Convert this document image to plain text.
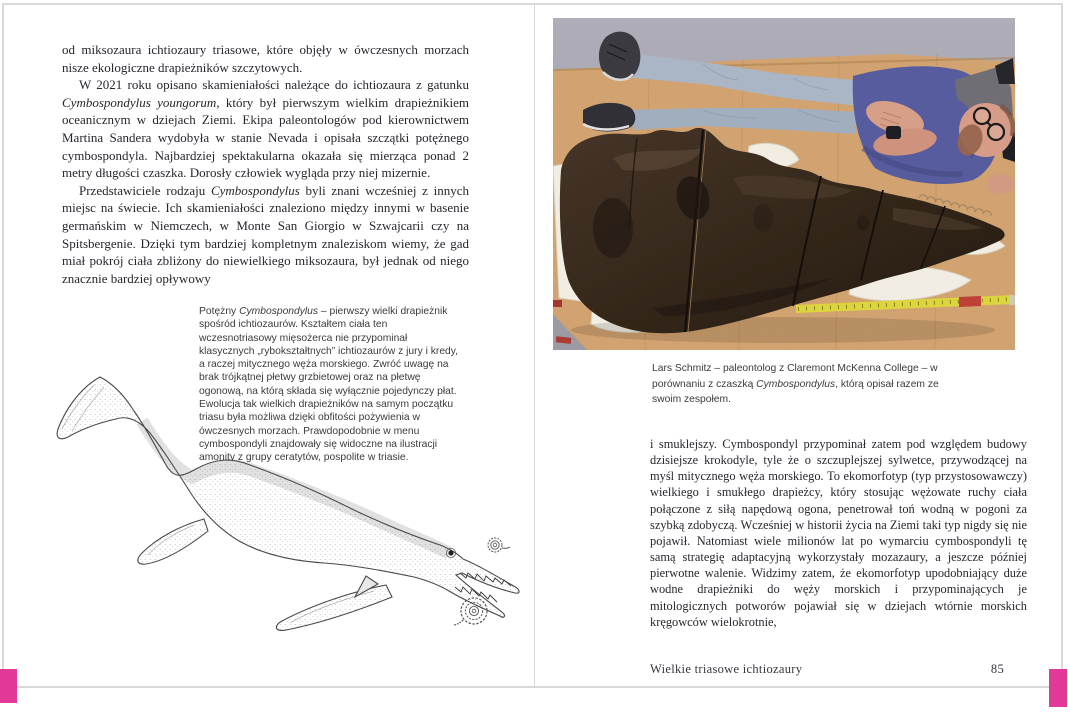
od miksozaura ichtiozaury triasowe, które objęły w ówczesnych morzach nisze ekologiczne drapieżników szczytowych.

W 2021 roku opisano skamieniałości należące do ichtiozaura z gatunku Cymbospondylus youngorum, który był pierwszym wielkim drapieżnikiem oceanicznym w dziejach Ziemi. Ekipa paleontologów pod kierownictwem Martina Sandera wydobyła w stanie Nevada i opisała szczątki potężnego cymbospondyla. Najbardziej spektakularna okazała się mierząca ponad 2 metry długości czaszka. Dorosły człowiek wygląda przy niej mizernie.

Przedstawiciele rodzaju Cymbospondylus byli znani wcześniej z innych miejsc na świecie. Ich skamieniałości znaleziono między innymi w basenie germańskim w Niemczech, w Monte San Giorgio w Szwajcarii czy na Spitsbergenie. Dzięki tym bardziej kompletnym znaleziskom wiemy, że gad miał pokrój ciała zbliżony do niewielkiego miksozaura, był jednak od niego znacznie bardziej opływowy

Potężny Cymbospondylus – pierwszy wielki drapieżnik spośród ichtiozaurów. Kształtem ciała ten wczesnotriasowy mięsożerca nie przypominał klasycznych „rybokształtnych” ichtiozaurów z jury i kredy, a raczej mitycznego węża morskiego. Zwróć uwagę na brak trójkątnej płetwy grzbietowej oraz na płetwę ogonową, na którą składa się wyłącznie pojedynczy płat. Ewolucja tak wielkich drapieżników na samym początku triasu była możliwa dzięki obfitości pożywienia w ówczesnych morzach. Prawdopodobnie w menu cymbospondyli znajdowały się widoczne na ilustracji amonity z grupy ceratytów, pospolite w triasie.
Lars Schmitz – paleontolog z Claremont McKenna College – w porównaniu z czaszką Cymbospondylus, którą opisał razem ze swoim zespołem.

i smuklejszy. Cymbospondyl przypominał zatem pod względem budowy dzisiejsze krokodyle, tyle że o szczuplejszej sylwetce, przywodzącej na myśl mitycznego węża morskiego. To ekomorfotyp (typ przystosowawczy) wielkiego i smukłego drapieżcy, który stosując wężowate ruchy ciała połączone z siłą napędową ogona, penetrował toń wodną w pogoni za szybką zdobyczą. Wcześniej w historii życia na Ziemi taki typ nigdy się nie pojawił. Natomiast wiele milionów lat po wymarciu cymbospondyli tę samą strategię adaptacyjną wykorzystały mozazaury, a jeszcze później pierwotne walenie. Widzimy zatem, że ekomorfotyp upodobniający duże wodne drapieżniki do węży morskich i przypominających je mitologicznych potworów pojawiał się w dziejach wtórnie morskich kręgowców wielokrotnie,

Wielkie triasowe ichtiozaury	85
